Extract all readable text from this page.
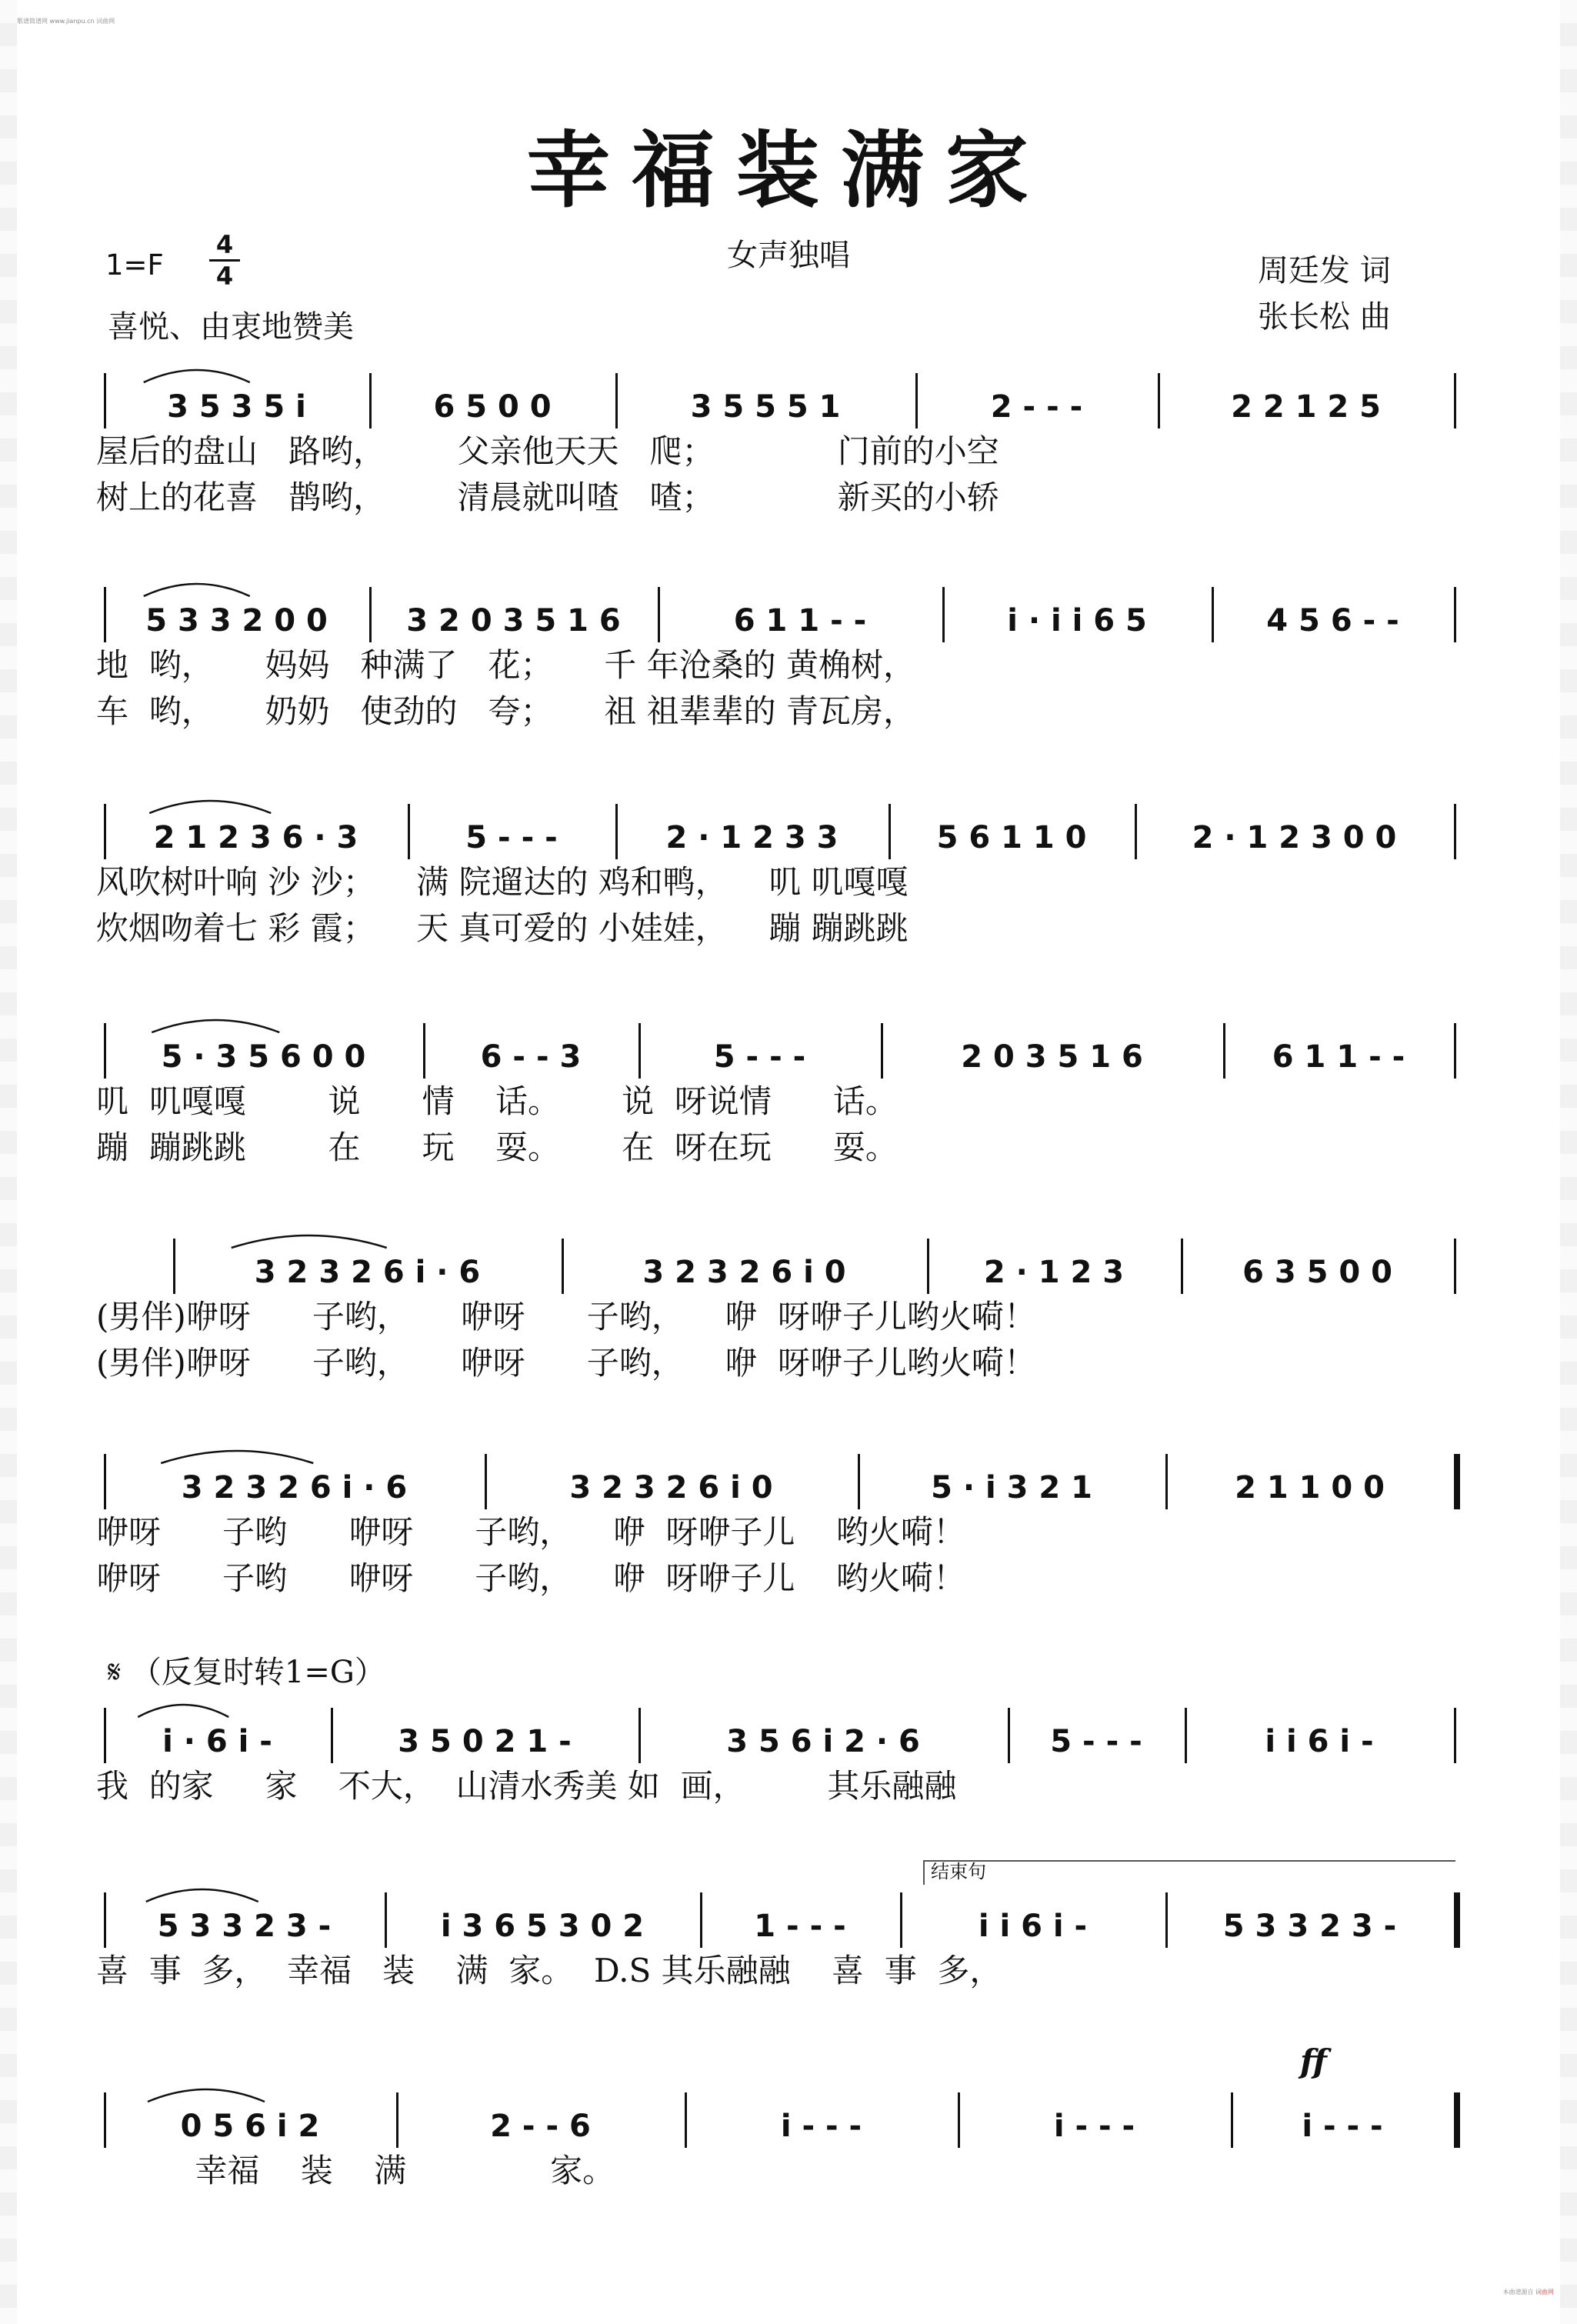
歌谱简谱网 www.jianpu.cn 词曲网
本曲谱源自 词曲网
幸福装满家
1=F
4
4
女声独唱	周廷发 词
张长松 曲
喜悦、由衷地赞美
𝄋 （反复时转1=G）
结束句
3 5 3 5 i	6 5 0 0	3 5 5 5 1	2 - - -	2 2 1 2 5
屋后的盘山   路哟，       父亲他天天   爬；            门前的小空
树上的花喜   鹊哟，       清晨就叫喳   喳；            新买的小轿
5 3 3 2 0 0	3 2 0 3 5 1 6	6 1 1 - -	i · i i 6 5	4 5 6 - -
地  哟，     妈妈   种满了   花；     千 年沧桑的 黄桷树，
车  哟，     奶奶   使劲的   夸；     祖 祖辈辈的 青瓦房，
2 1 2 3 6 · 3	5 - - -	2 · 1 2 3 3	5 6 1 1 0	2 · 1 2 3 0 0
风吹树叶响 沙 沙；    满 院遛达的 鸡和鸭，    叽 叽嘎嘎
炊烟吻着七 彩 霞；    天 真可爱的 小娃娃，    蹦 蹦跳跳
5 · 3 5 6 0 0	6 - - 3	5 - - -	2 0 3 5 1 6	6 1 1 - -
叽  叽嘎嘎        说      情    话。      说  呀说情      话。
蹦  蹦跳跳        在      玩    耍。      在  呀在玩      耍。
3 2 3 2 6 i · 6	3 2 3 2 6 i 0	2 · 1 2 3	6 3 5 0 0
(男伴)咿呀      子哟，     咿呀      子哟，    咿  呀咿子儿哟火嗬！
(男伴)咿呀      子哟，     咿呀      子哟，    咿  呀咿子儿哟火嗬！
3 2 3 2 6 i · 6	3 2 3 2 6 i 0	5 · i 3 2 1	2 1 1 0 0
咿呀      子哟      咿呀      子哟，    咿  呀咿子儿    哟火嗬！
咿呀      子哟      咿呀      子哟，    咿  呀咿子儿    哟火嗬！
i · 6 i -	3 5 0 2 1 -	3 5 6 i 2 · 6	5 - - -	i i 6 i -
我  的家     家    不大，  山清水秀美 如  画，        其乐融融
5 3 3 2 3 -	i 3 6 5 3 0 2	1 - - -	i i 6 i -	5 3 3 2 3 -
喜  事  多，  幸福   装    满  家。  D.S 其乐融融    喜  事  多，
0 5 6 i 2	2 - - 6	i - - -	i - - -	i - - -
幸福    装    满              家。
ff
